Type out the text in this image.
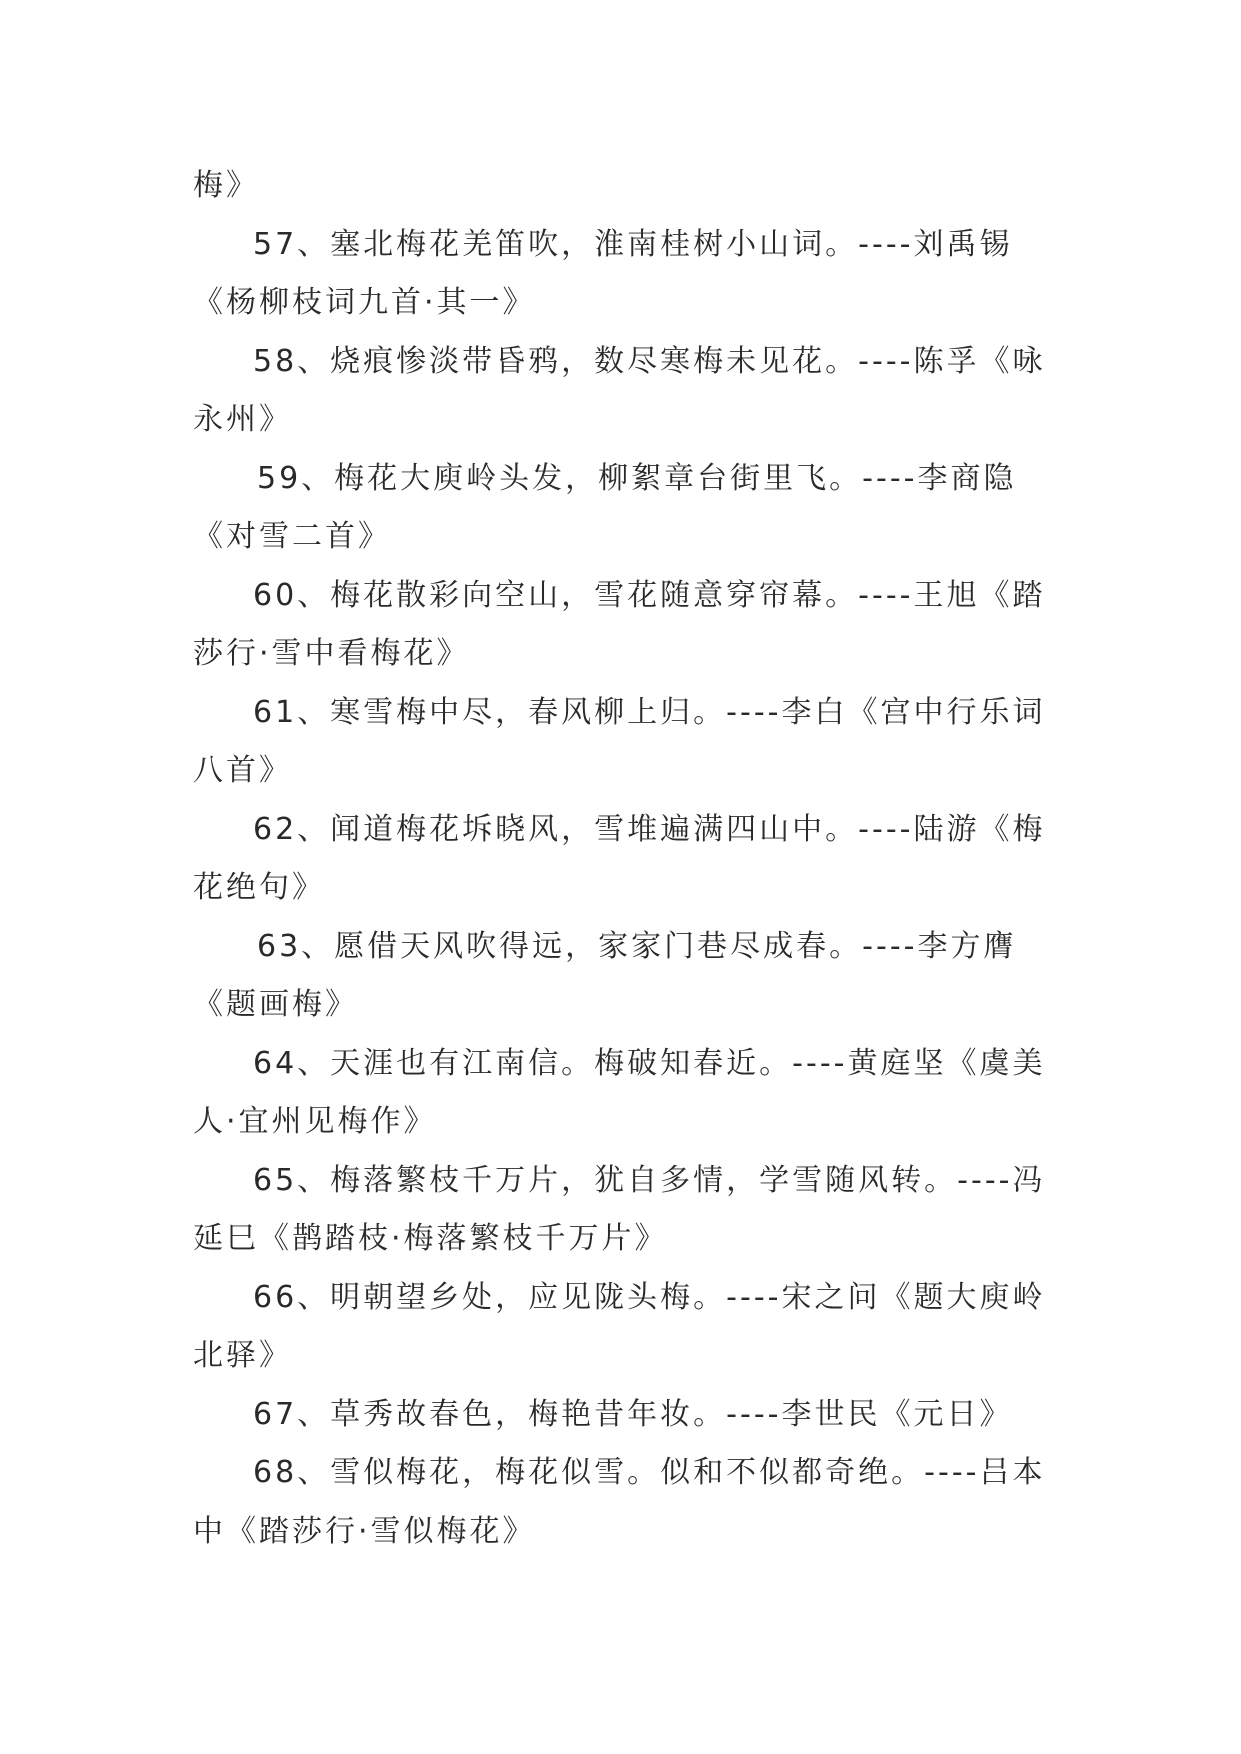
梅》

57、塞北梅花羌笛吹，淮南桂树小山词。----刘禹锡《杨柳枝词九首·其一》

58、烧痕惨淡带昏鸦，数尽寒梅未见花。----陈孚《咏永州》

59、梅花大庾岭头发，柳絮章台街里飞。----李商隐《对雪二首》

60、梅花散彩向空山，雪花随意穿帘幕。----王旭《踏莎行·雪中看梅花》

61、寒雪梅中尽，春风柳上归。----李白《宫中行乐词八首》

62、闻道梅花坼晓风，雪堆遍满四山中。----陆游《梅花绝句》

63、愿借天风吹得远，家家门巷尽成春。----李方膺《题画梅》

64、天涯也有江南信。梅破知春近。----黄庭坚《虞美人·宜州见梅作》

65、梅落繁枝千万片，犹自多情，学雪随风转。----冯延巳《鹊踏枝·梅落繁枝千万片》

66、明朝望乡处，应见陇头梅。----宋之问《题大庾岭北驿》

67、草秀故春色，梅艳昔年妆。----李世民《元日》

68、雪似梅花，梅花似雪。似和不似都奇绝。----吕本中《踏莎行·雪似梅花》
